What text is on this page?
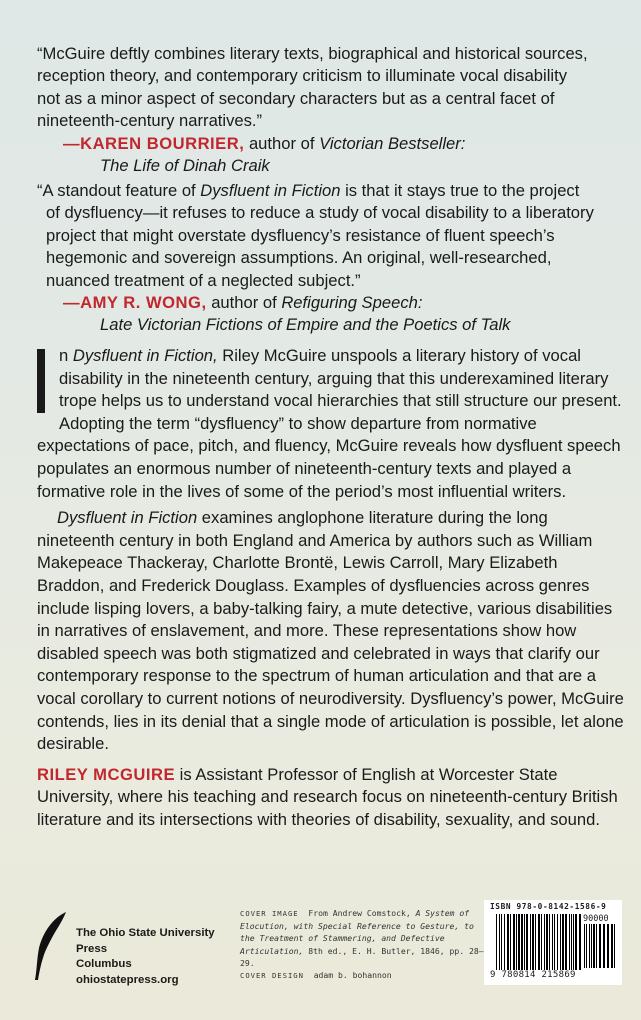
“McGuire deftly combines literary texts, biographical and historical sources,

reception theory, and contemporary criticism to illuminate vocal disability

not as a minor aspect of secondary characters but as a central facet of

nineteenth-century narratives.”

—KAREN BOURRIER, author of Victorian Bestseller:
The Life of Dinah Craik

“A standout feature of Dysfluent in Fiction is that it stays true to the project

of dysfluency—it refuses to reduce a study of vocal disability to a liberatory

project that might overstate dysfluency’s resistance of fluent speech’s

hegemonic and sovereign assumptions. An original, well-researched,

nuanced treatment of a neglected subject.”

—AMY R. WONG, author of Refiguring Speech:
Late Victorian Fictions of Empire and the Poetics of Talk

n Dysfluent in Fiction, Riley McGuire unspools a literary history of vocal disability in the nineteenth century, arguing that this underexamined literary trope helps us to understand vocal hierarchies that still structure our present. Adopting the term “dysfluency” to show departure from normative expectations of pace, pitch, and fluency, McGuire reveals how dysfluent speech populates an enormous number of nineteenth-century texts and played a formative role in the lives of some of the period’s most influential writers.

Dysfluent in Fiction examines anglophone literature during the long nineteenth century in both England and America by authors such as William Makepeace Thackeray, Charlotte Brontë, Lewis Carroll, Mary Elizabeth Braddon, and Frederick Douglass. Examples of dysfluencies across genres include lisping lovers, a baby-talking fairy, a mute detective, various disabilities in narratives of enslavement, and more. These representations show how disabled speech was both stigmatized and celebrated in ways that clarify our contemporary response to the spectrum of human articulation and that are a vocal corollary to current notions of neurodiversity. Dysfluency’s power, McGuire contends, lies in its denial that a single mode of articulation is possible, let alone desirable.

RILEY MCGUIRE is Assistant Professor of English at Worcester State University, where his teaching and research focus on nineteenth-century British literature and its intersections with theories of disability, sexuality, and sound.

The Ohio State University Press
Columbus
ohiostatepress.org
COVER IMAGE From Andrew Comstock, A System of Elocution, with Special Reference to Gesture, to the Treatment of Stammering, and Defective Articulation, 8th ed., E. H. Butler, 1846, pp. 28–29.
COVER DESIGN adam b. bohannon
ISBN 978-0-8142-1586-9
90000
9 780814 215869
